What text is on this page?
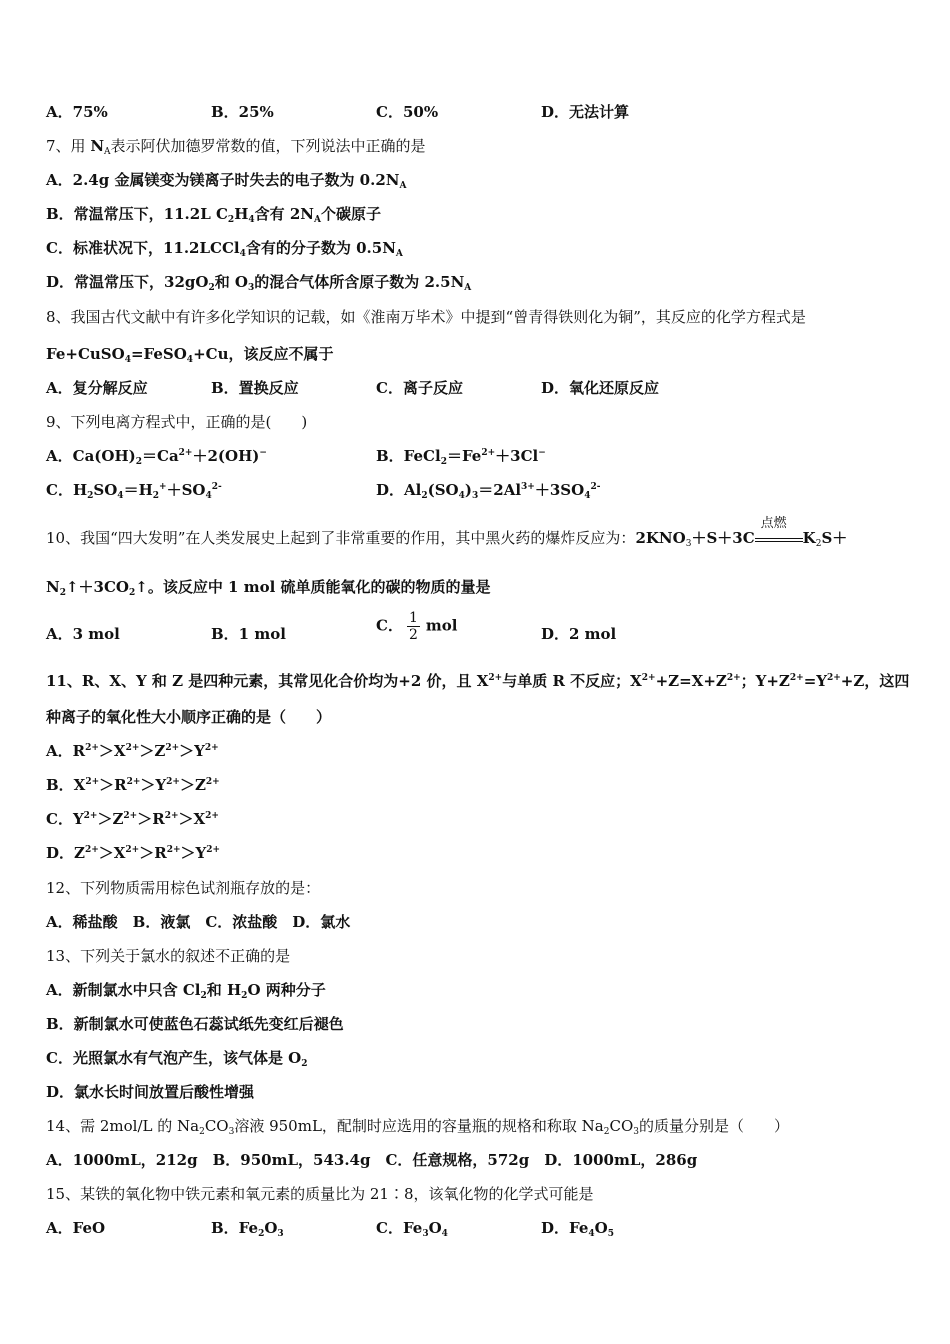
A．75%	B．25%	C．50%	D．无法计算
7、用 $N_A$表示阿伏加德罗常数的值，下列说法中正确的是
A．2.4g 金属镁变为镁离子时失去的电子数为 $0.2N_A$
B．常温常压下，11.2L $C_2H_4$含有 $2N_A$个碳原子
C．标准状况下，11.2LCCl$_4$含有的分子数为 $0.5N_A$
D．常温常压下，$32gO_2$和 $O_3$的混合气体所含原子数为 $2.5N_A$
8、我国古代文献中有许多化学知识的记载，如《淮南万毕术》中提到“曾青得铁则化为铜”，其反应的化学方程式是
Fe+CuSO$_4$=FeSO$_4$+Cu，该反应不属于
A．复分解反应	B．置换反应	C．离子反应	D．氧化还原反应
9、下列电离方程式中，正确的是(　　)
A．$Ca(OH)_2=Ca^{2+}+2(OH)^-$	B．$FeCl_2=Fe^{2+}+3Cl^-$
C．$H_2SO_4=H_2^++SO_4^{2-}$	D．$Al_2(SO_4)_3=2Al^{3+}+3SO_4^{2-}$
10、我国“四大发明”在人类发展史上起到了非常重要的作用，其中黑火药的爆炸反应为：$2KNO_3+S+3C$
点燃
$K_2S+$
$N_2↑+3CO_2↑$。该反应中 1 mol 硫单质能氧化的碳的物质的量是
A．3 mol	B．1 mol	C． $\frac{1}{2}$ mol	D．2 mol
11、R、X、Y 和 Z 是四种元素，其常见化合价均为+2 价，且 $X^{2+}$与单质 R 不反应；$X^{2+}+Z=X+Z^{2+}$；$Y+Z^{2+}=Y^{2+}+Z$，这四
种离子的氧化性大小顺序正确的是（　　）
A．$R^{2+}>X^{2+}>Z^{2+}>Y^{2+}$
B．$X^{2+}>R^{2+}>Y^{2+}>Z^{2+}$
C．$Y^{2+}>Z^{2+}>R^{2+}>X^{2+}$
D．$Z^{2+}>X^{2+}>R^{2+}>Y^{2+}$
12、下列物质需用棕色试剂瓶存放的是：
A．稀盐酸　B．液氯　C．浓盐酸　D．氯水
13、下列关于氯水的叙述不正确的是
A．新制氯水中只含 $Cl_2$和 $H_2O$ 两种分子
B．新制氯水可使蓝色石蕊试纸先变红后褪色
C．光照氯水有气泡产生，该气体是 $O_2$
D．氯水长时间放置后酸性增强
14、需 2mol/L 的 $Na_2CO_3$溶液 950mL，配制时应选用的容量瓶的规格和称取 $Na_2CO_3$的质量分别是（　　）
A．1000mL，212g　B．950mL，543.4g　C．任意规格，572g　D．1000mL，286g
15、某铁的氧化物中铁元素和氧元素的质量比为 21∶8，该氧化物的化学式可能是
A．FeO	B．$Fe_2O_3$	C．$Fe_3O_4$	D．$Fe_4O_5$
